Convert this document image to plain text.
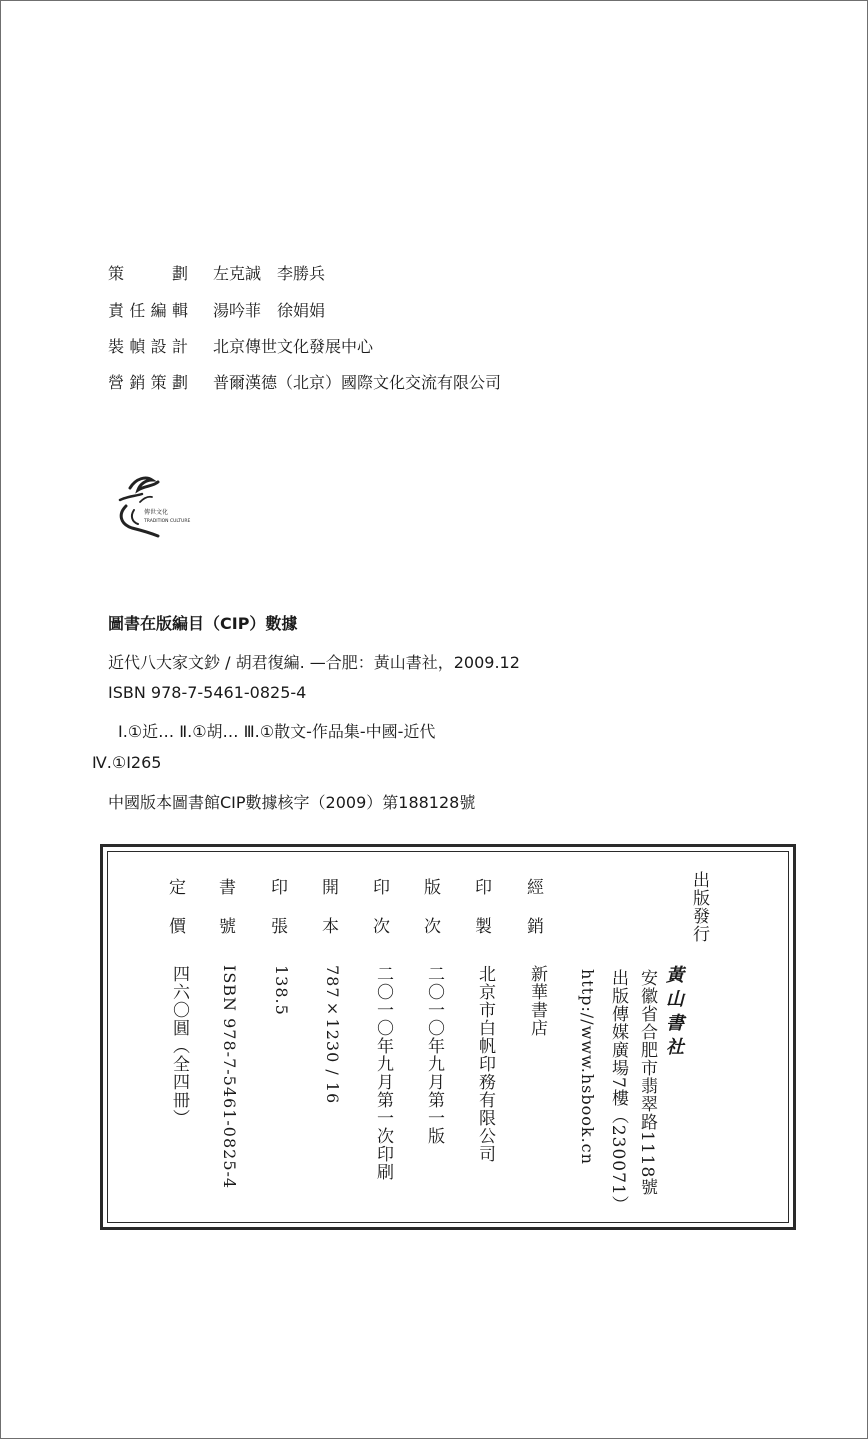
策	劃 左克誠　李勝兵
責 任 編 輯 湯吟菲　徐娟娟
裝 幀 設 計 北京傳世文化發展中心
營 銷 策 劃 普爾漢德（北京）國際文化交流有限公司
傳世文化
TRADITION CULTURE
圖書在版編目（CIP）數據
近代八大家文鈔 / 胡君復編. —合肥：黃山書社，2009.12
ISBN 978-7-5461-0825-4
Ⅰ.①近… Ⅱ.①胡… Ⅲ.①散文-作品集-中國-近代
Ⅳ.①I265
中國版本圖書館CIP數據核字（2009）第188128號
出版發行
黃山書社
安徽省合肥市翡翠路1118號
出版傳媒廣場7樓（230071）
http://www.hsbook.cn
經
銷
新華書店
印
製
北京市白帆印務有限公司
版
次
二〇一〇年九月第一版
印
次
二〇一〇年九月第一次印刷
開
本
787×1230 / 16
印
張
138.5
書
號
ISBN 978-7-5461-0825-4
定
價
四六〇圓（全四冊）
